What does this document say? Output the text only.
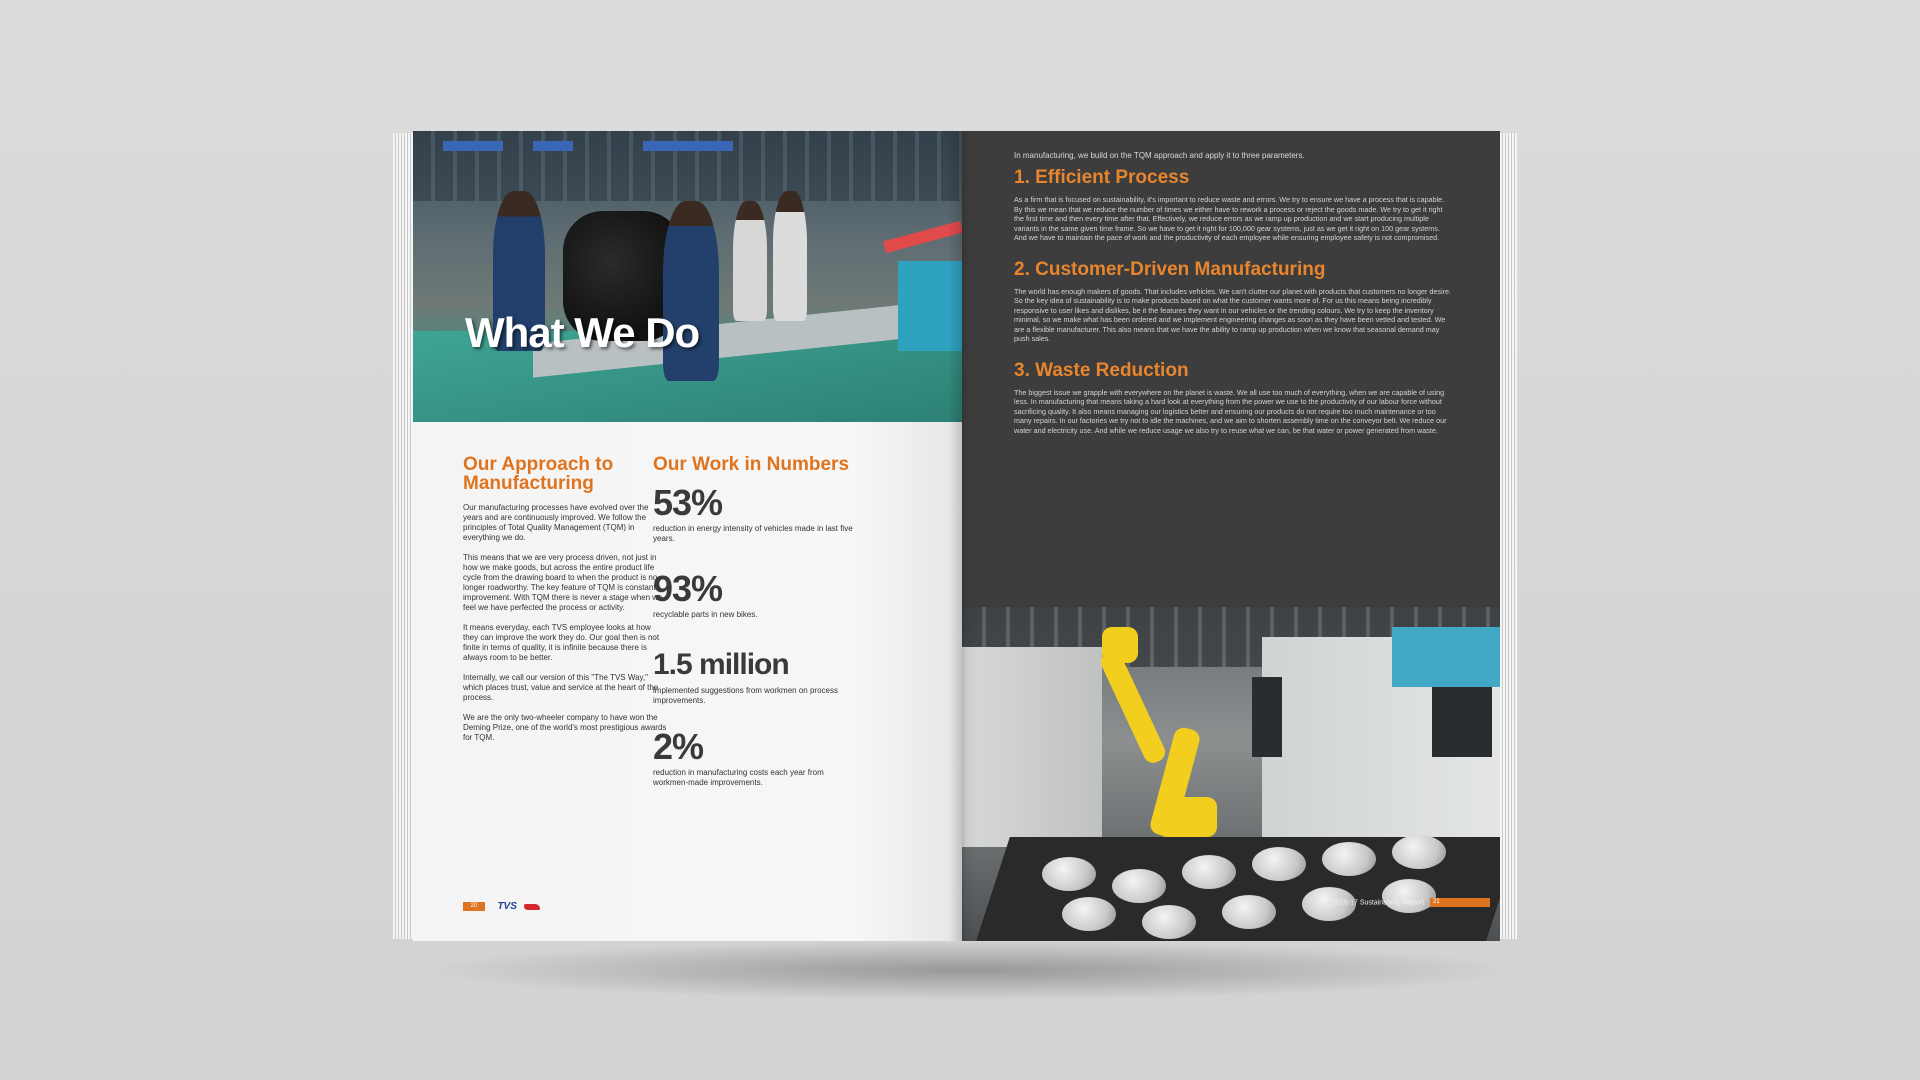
What We Do
Our Approach to Manufacturing

Our manufacturing processes have evolved over the years and are continuously improved. We follow the principles of Total Quality Management (TQM) in everything we do.

This means that we are very process driven, not just in how we make goods, but across the entire product life cycle from the drawing board to when the product is no longer roadworthy. The key feature of TQM is constant improvement. With TQM there is never a stage when we feel we have perfected the process or activity.

It means everyday, each TVS employee looks at how they can improve the work they do. Our goal then is not finite in terms of quality, it is infinite because there is always room to be better.

Internally, we call our version of this "The TVS Way," which places trust, value and service at the heart of the process.

We are the only two-wheeler company to have won the Deming Prize, one of the world's most prestigious awards for TQM.

Our Work in Numbers
53%
reduction in energy intensity of vehicles made in last five years.
93%
recyclable parts in new bikes.
1.5 million
implemented suggestions from workmen on process improvements.
2%
reduction in manufacturing costs each year from workmen-made improvements.
20 TVS

In manufacturing, we build on the TQM approach and apply it to three parameters.

1. Efficient Process

As a firm that is focused on sustainability, it's important to reduce waste and errors. We try to ensure we have a process that is capable. By this we mean that we reduce the number of times we either have to rework a process or reject the goods made. We try to get it right the first time and then every time after that. Effectively, we reduce errors as we ramp up production and we start producing multiple variants in the same given time frame. So we have to get it right for 100,000 gear systems, just as we get it right on 100 gear systems. And we have to maintain the pace of work and the productivity of each employee while ensuring employee safety is not compromised.

2. Customer-Driven Manufacturing

The world has enough makers of goods. That includes vehicles. We can't clutter our planet with products that customers no longer desire. So the key idea of sustainability is to make products based on what the customer wants more of. For us this means being incredibly responsive to user likes and dislikes, be it the features they want in our vehicles or the trending colours. We try to keep the inventory minimal, so we make what has been ordered and we implement engineering changes as soon as they have been vetted and tested. We are a flexible manufacturer. This also means that we have the ability to ramp up production when we know that seasonal demand may push sales.

3. Waste Reduction

The biggest issue we grapple with everywhere on the planet is waste. We all use too much of everything, when we are capable of using less. In manufacturing that means taking a hard look at everything from the power we use to the productivity of our labour force without sacrificing quality. It also means managing our logistics better and ensuring our products do not require too much maintenance or too many repairs. In our factories we try not to idle the machines, and we aim to shorten assembly time on the conveyor belt. We reduce our water and electricity use. And while we reduce usage we also try to reuse what we can, be that water or power generated from waste.

2016-17 Sustainability Report 21
